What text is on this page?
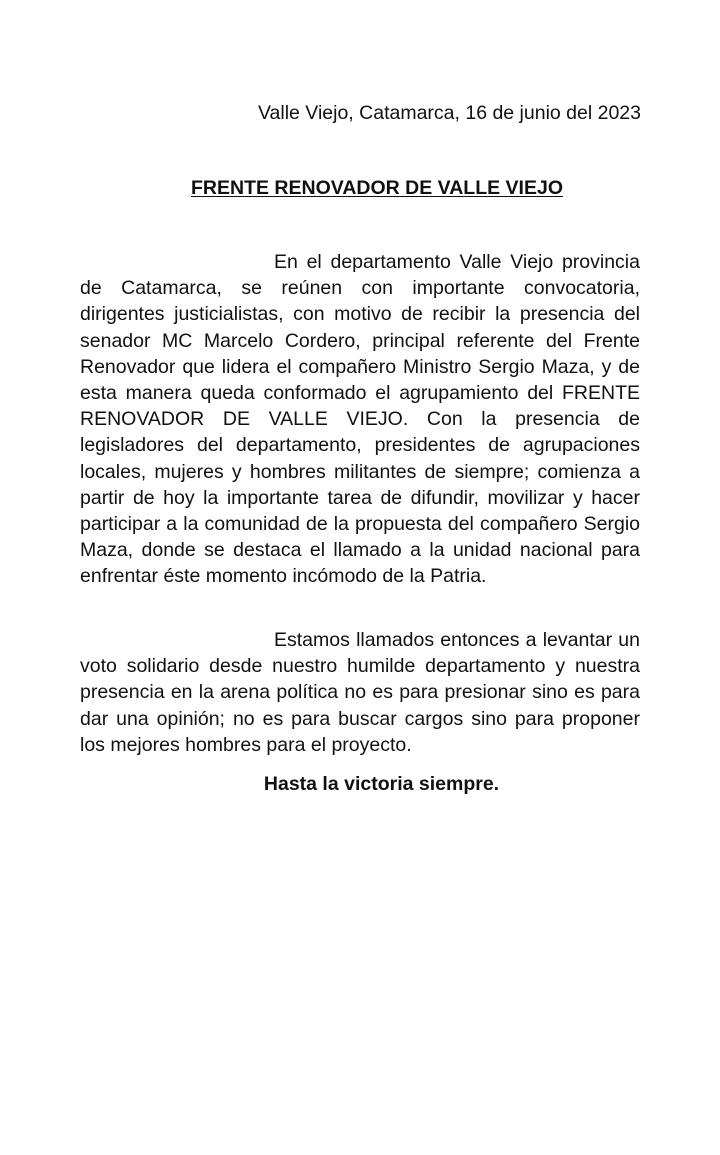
Valle Viejo, Catamarca, 16 de junio del 2023
FRENTE RENOVADOR DE VALLE VIEJO

En el departamento Valle Viejo provincia de Catamarca, se reúnen con importante convocatoria, dirigentes justicialistas, con motivo de recibir la presencia del senador MC Marcelo Cordero, principal referente del Frente Renovador que lidera el compañero Ministro Sergio Maza, y de esta manera queda conformado el agrupamiento del FRENTE RENOVADOR DE VALLE VIEJO. Con la presencia de legisladores del departamento, presidentes de agrupaciones locales, mujeres y hombres militantes de siempre; comienza a partir de hoy la importante tarea de difundir, movilizar y hacer participar a la comunidad de la propuesta del compañero Sergio Maza, donde se destaca el llamado a la unidad nacional para enfrentar éste momento incómodo de la Patria.

Estamos llamados entonces a levantar un voto solidario desde nuestro humilde departamento y nuestra presencia en la arena política no es para presionar sino es para dar una opinión; no es para buscar cargos sino para proponer los mejores hombres para el proyecto.

Hasta la victoria siempre.
